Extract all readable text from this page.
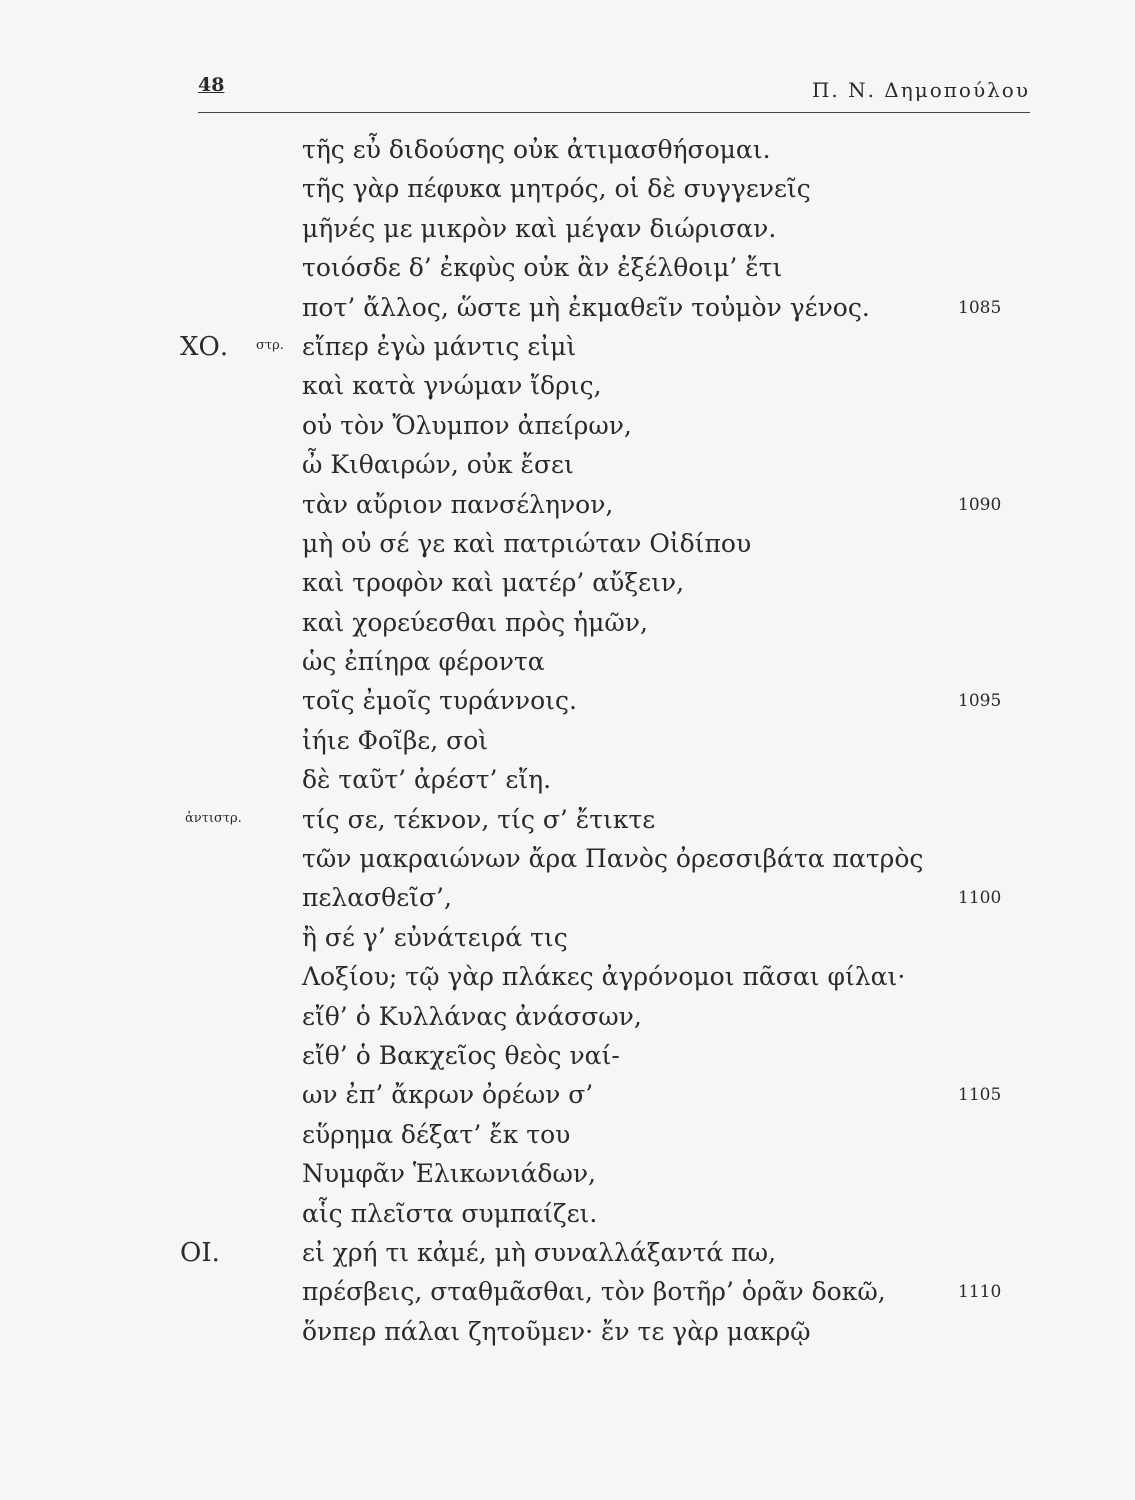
48	Π. Ν. Δημοπούλου
τῆς εὖ διδούσης οὐκ ἀτιμασθήσομαι.
τῆς γὰρ πέφυκα μητρός, οἱ δὲ συγγενεῖς
μῆνές με μικρὸν καὶ μέγαν διώρισαν.
τοιόσδε δ’ ἐκφὺς οὐκ ἂν ἐξέλθοιμ’ ἔτι
ποτ’ ἄλλος, ὥστε μὴ ἐκμαθεῖν τοὐμὸν γένος.	1085
ΧΟ. στρ. εἴπερ ἐγὼ μάντις εἰμὶ
καὶ κατὰ γνώμαν ἴδρις,
οὐ τὸν Ὄλυμπον ἀπείρων,
ὦ Κιθαιρών, οὐκ ἔσει
τὰν αὔριον πανσέληνον,	1090
μὴ οὐ σέ γε καὶ πατριώταν Οἰδίπου
καὶ τροφὸν καὶ ματέρ’ αὔξειν,
καὶ χορεύεσθαι πρὸς ἡμῶν,
ὡς ἐπίηρα φέροντα
τοῖς ἐμοῖς τυράννοις.	1095
ἰήιε Φοῖβε, σοὶ
δὲ ταῦτ’ ἀρέστ’ εἴη.
ἀντιστρ. τίς σε, τέκνον, τίς σ’ ἔτικτε
τῶν μακραιώνων ἄρα Πανὸς ὀρεσσιβάτα πατρὸς
πελασθεῖσ’,	1100
ἢ σέ γ’ εὐνάτειρά τις
Λοξίου; τῷ γὰρ πλάκες ἀγρόνομοι πᾶσαι φίλαι·
εἴθ’ ὁ Κυλλάνας ἀνάσσων,
εἴθ’ ὁ Βακχεῖος θεὸς ναί-
ων ἐπ’ ἄκρων ὀρέων σ’	1105
εὕρημα δέξατ’ ἔκ του
Νυμφᾶν Ἑλικωνιάδων,
αἷς πλεῖστα συμπαίζει.
ΟΙ.	εἰ χρή τι κἀμέ, μὴ συναλλάξαντά πω,
πρέσβεις, σταθμᾶσθαι, τὸν βοτῆρ’ ὁρᾶν δοκῶ,	1110
ὅνπερ πάλαι ζητοῦμεν· ἔν τε γὰρ μακρῷ
